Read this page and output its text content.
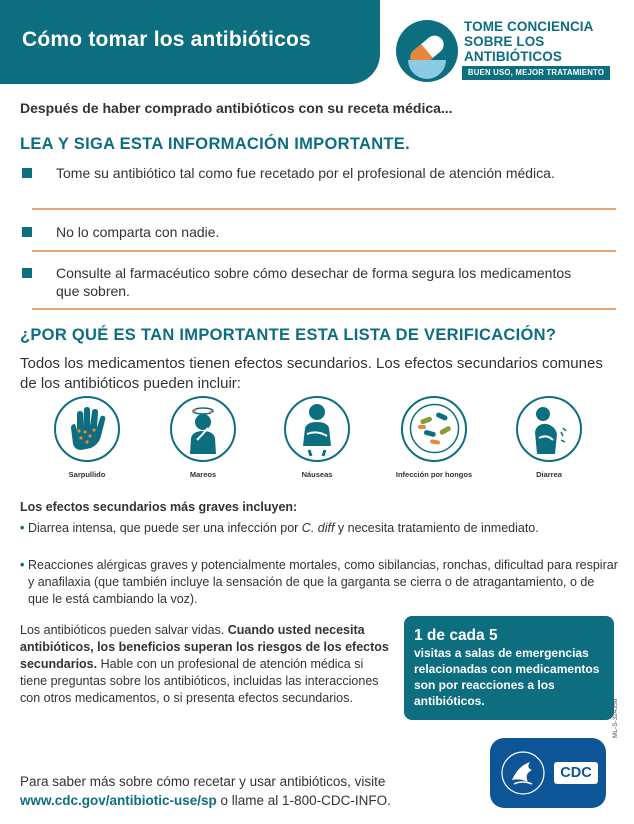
Cómo tomar los antibióticos
TOME CONCIENCIA
SOBRE LOS
ANTIBIÓTICOS
BUEN USO, MEJOR TRATAMIENTO
Después de haber comprado antibióticos con su receta médica...
LEA Y SIGA ESTA INFORMACIÓN IMPORTANTE.
Tome su antibiótico tal como fue recetado por el profesional de atención médica.
No lo comparta con nadie.
Consulte al farmacéutico sobre cómo desechar de forma segura los medicamentos que sobren.
¿POR QUÉ ES TAN IMPORTANTE ESTA LISTA DE VERIFICACIÓN?
Todos los medicamentos tienen efectos secundarios. Los efectos secundarios comunes de los antibióticos pueden incluir:
Sarpullido	Mareos	Náuseas	Infección por hongos	Diarrea
Los efectos secundarios más graves incluyen:
• Diarrea intensa, que puede ser una infección por C. diff y necesita tratamiento de inmediato.
• Reacciones alérgicas graves y potencialmente mortales, como sibilancias, ronchas, dificultad para respirar y anafilaxia (que también incluye la sensación de que la garganta se cierra o de atragantamiento, o de que le está cambiando la voz).
Los antibióticos pueden salvar vidas. Cuando usted necesita antibióticos, los beneficios superan los riesgos de los efectos secundarios. Hable con un profesional de atención médica si tiene preguntas sobre los antibióticos, incluidas las interacciones con otros medicamentos, o si presenta efectos secundarios.
1 de cada 5
visitas a salas de emergencias relacionadas con medicamentos son por reacciones a los antibióticos.	ML-S-324358
Para saber más sobre cómo recetar y usar antibióticos, visite
www.cdc.gov/antibiotic-use/sp o llame al 1-800-CDC-INFO.
CDC
